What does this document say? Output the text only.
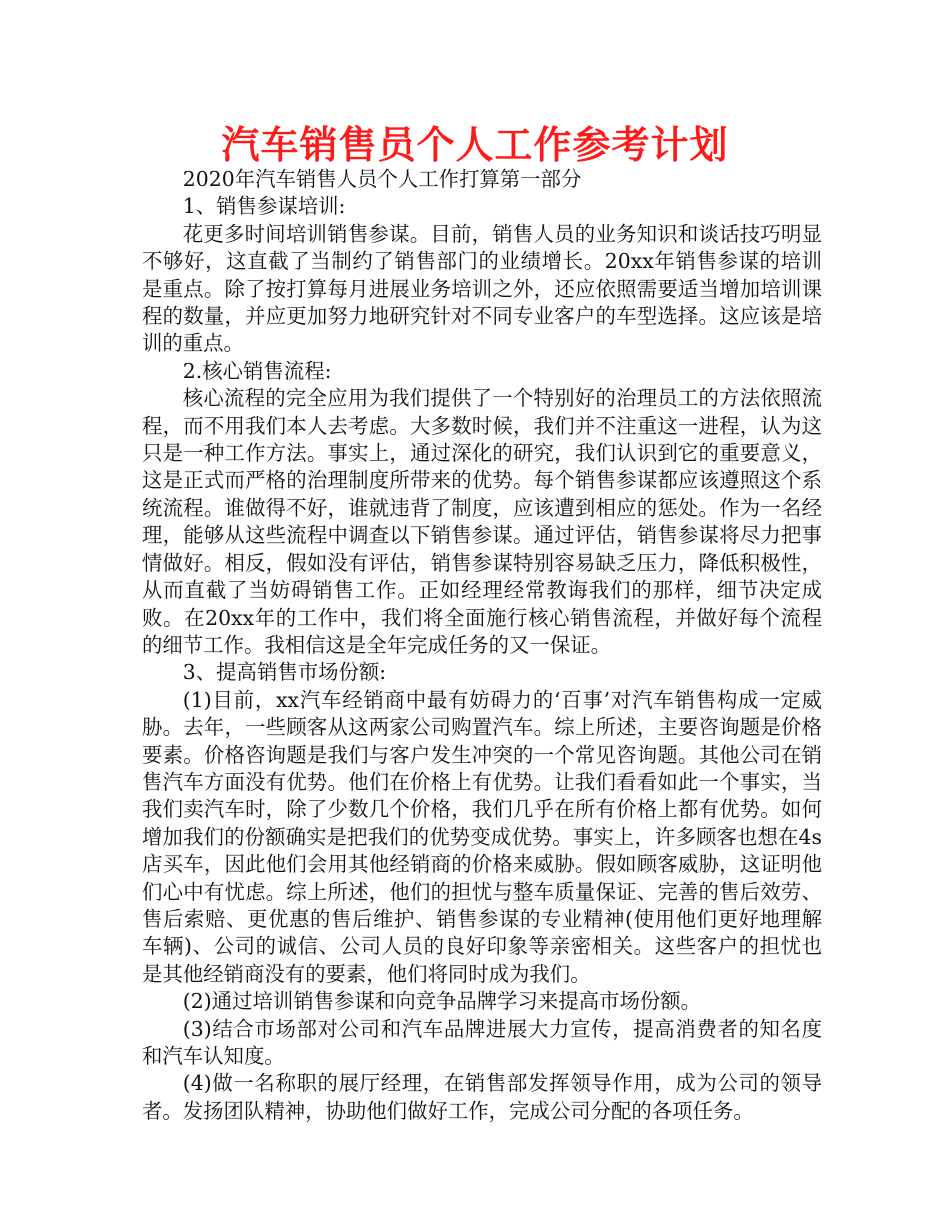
汽车销售员个人工作参考计划

2020年汽车销售人员个人工作打算第一部分

1、销售参谋培训:

花更多时间培训销售参谋。目前，销售人员的业务知识和谈话技巧明显不够好，这直截了当制约了销售部门的业绩增长。20xx年销售参谋的培训是重点。除了按打算每月进展业务培训之外，还应依照需要适当增加培训课程的数量，并应更加努力地研究针对不同专业客户的车型选择。这应该是培训的重点。

2.核心销售流程:

核心流程的完全应用为我们提供了一个特别好的治理员工的方法依照流程，而不用我们本人去考虑。大多数时候，我们并不注重这一进程，认为这只是一种工作方法。事实上，通过深化的研究，我们认识到它的重要意义，这是正式而严格的治理制度所带来的优势。每个销售参谋都应该遵照这个系统流程。谁做得不好，谁就违背了制度，应该遭到相应的惩处。作为一名经理，能够从这些流程中调查以下销售参谋。通过评估，销售参谋将尽力把事情做好。相反，假如没有评估，销售参谋特别容易缺乏压力，降低积极性，从而直截了当妨碍销售工作。正如经理经常教诲我们的那样，细节决定成败。在20xx年的工作中，我们将全面施行核心销售流程，并做好每个流程的细节工作。我相信这是全年完成任务的又一保证。

3、提高销售市场份额:

(1)目前，xx汽车经销商中最有妨碍力的‘百事’对汽车销售构成一定威胁。去年，一些顾客从这两家公司购置汽车。综上所述，主要咨询题是价格要素。价格咨询题是我们与客户发生冲突的一个常见咨询题。其他公司在销售汽车方面没有优势。他们在价格上有优势。让我们看看如此一个事实，当我们卖汽车时，除了少数几个价格，我们几乎在所有价格上都有优势。如何增加我们的份额确实是把我们的优势变成优势。事实上，许多顾客也想在4s店买车，因此他们会用其他经销商的价格来威胁。假如顾客威胁，这证明他们心中有忧虑。综上所述，他们的担忧与整车质量保证、完善的售后效劳、售后索赔、更优惠的售后维护、销售参谋的专业精神(使用他们更好地理解车辆)、公司的诚信、公司人员的良好印象等亲密相关。这些客户的担忧也是其他经销商没有的要素，他们将同时成为我们。

(2)通过培训销售参谋和向竞争品牌学习来提高市场份额。

(3)结合市场部对公司和汽车品牌进展大力宣传，提高消费者的知名度和汽车认知度。

(4)做一名称职的展厅经理，在销售部发挥领导作用，成为公司的领导者。发扬团队精神，协助他们做好工作，完成公司分配的各项任务。
